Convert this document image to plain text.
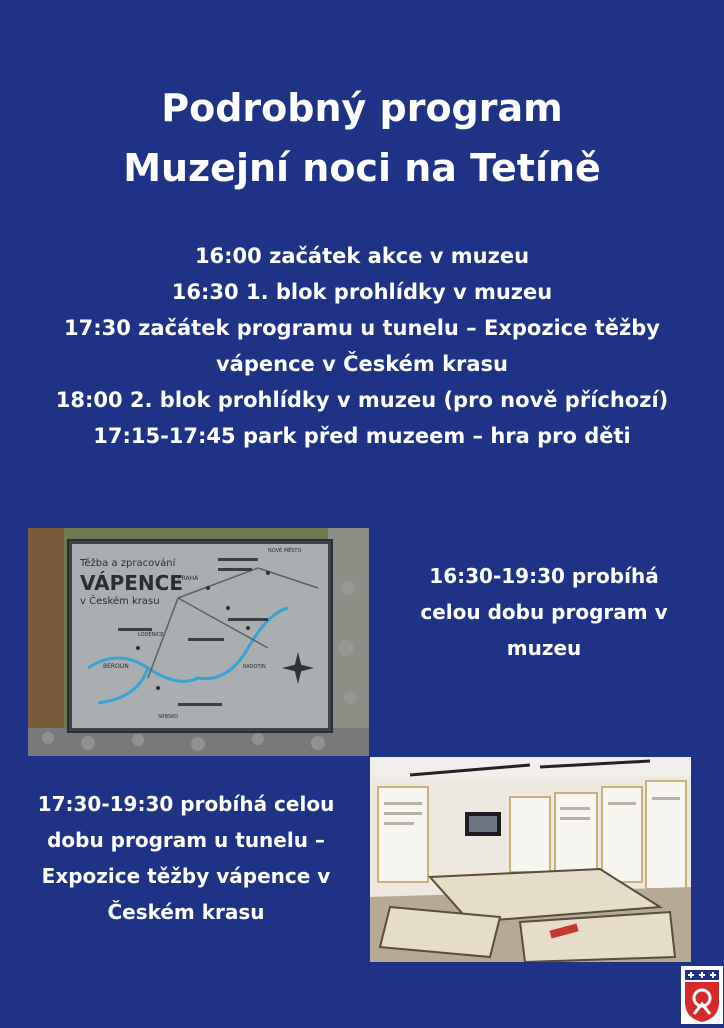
Podrobný program
Muzejní noci na Tetíně
16:00 začátek akce v muzeu
16:30 1. blok prohlídky v muzeu
17:30 začátek programu u tunelu – Expozice těžby
vápence v Českém krasu
18:00 2. blok prohlídky v muzeu (pro nově příchozí)
17:15-17:45 park před muzeem – hra pro děti
Těžba a zpracování
VÁPENCE
v Českém krasu
PRAHA
BEROUN
NOVÉ MĚSTO
LODĚNICE
SRBSKO
RADOTÍN
16:30-19:30 probíhá
celou dobu program v
muzeu
17:30-19:30 probíhá celou
dobu program u tunelu –
Expozice těžby vápence v
Českém krasu
